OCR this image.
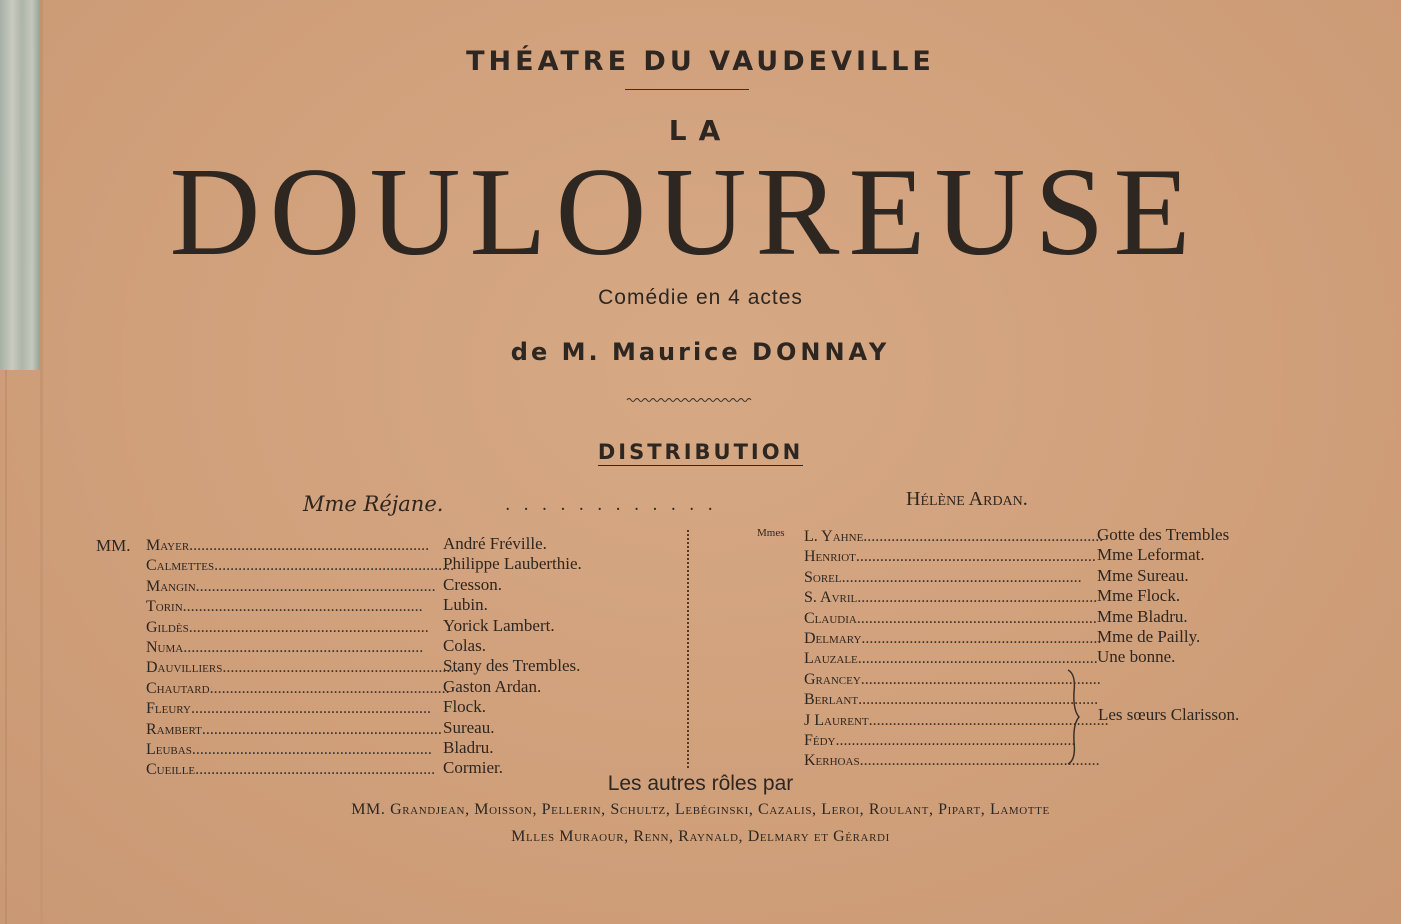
THÉATRE DU VAUDEVILLE
LA
DOULOUREUSE
Comédie en 4 actes
de M. Maurice DONNAY
DISTRIBUTION
Mme Réjane.	............	Hélène Ardan.
MM. Mayer............................................................ André Fréville.
Calmettes............................................................
Philippe Lauberthie.
Mangin............................................................ Cresson.
Torin............................................................ Lubin.
Gildès............................................................ Yorick Lambert.
Numa............................................................ Colas.
Dauvilliers............................................................
Stany des Trembles.
Chautard............................................................
Gaston Ardan.
Fleury............................................................ Flock.
Rambert............................................................ Sureau.
Leubas............................................................ Bladru.
Cueille............................................................ Cormier.
Mmes L. Yahne............................................................
Gotte des Trembles
Henriot............................................................ Mme Leformat.
Sorel............................................................ Mme Sureau.
S. Avril............................................................ Mme Flock.
Claudia............................................................ Mme Bladru.
Delmary............................................................
Mme de Pailly.
Lauzale............................................................ Une bonne.
Grancey............................................................
Berlant............................................................
J Laurent............................................................
Fédy............................................................
Kerhoas............................................................
Les sœurs Clarisson.
Les autres rôles par
MM. Grandjean, Moisson, Pellerin, Schultz, Lebéginski, Cazalis, Leroi, Roulant, Pipart, Lamotte
Mlles Muraour, Renn, Raynald, Delmary et Gérardi
